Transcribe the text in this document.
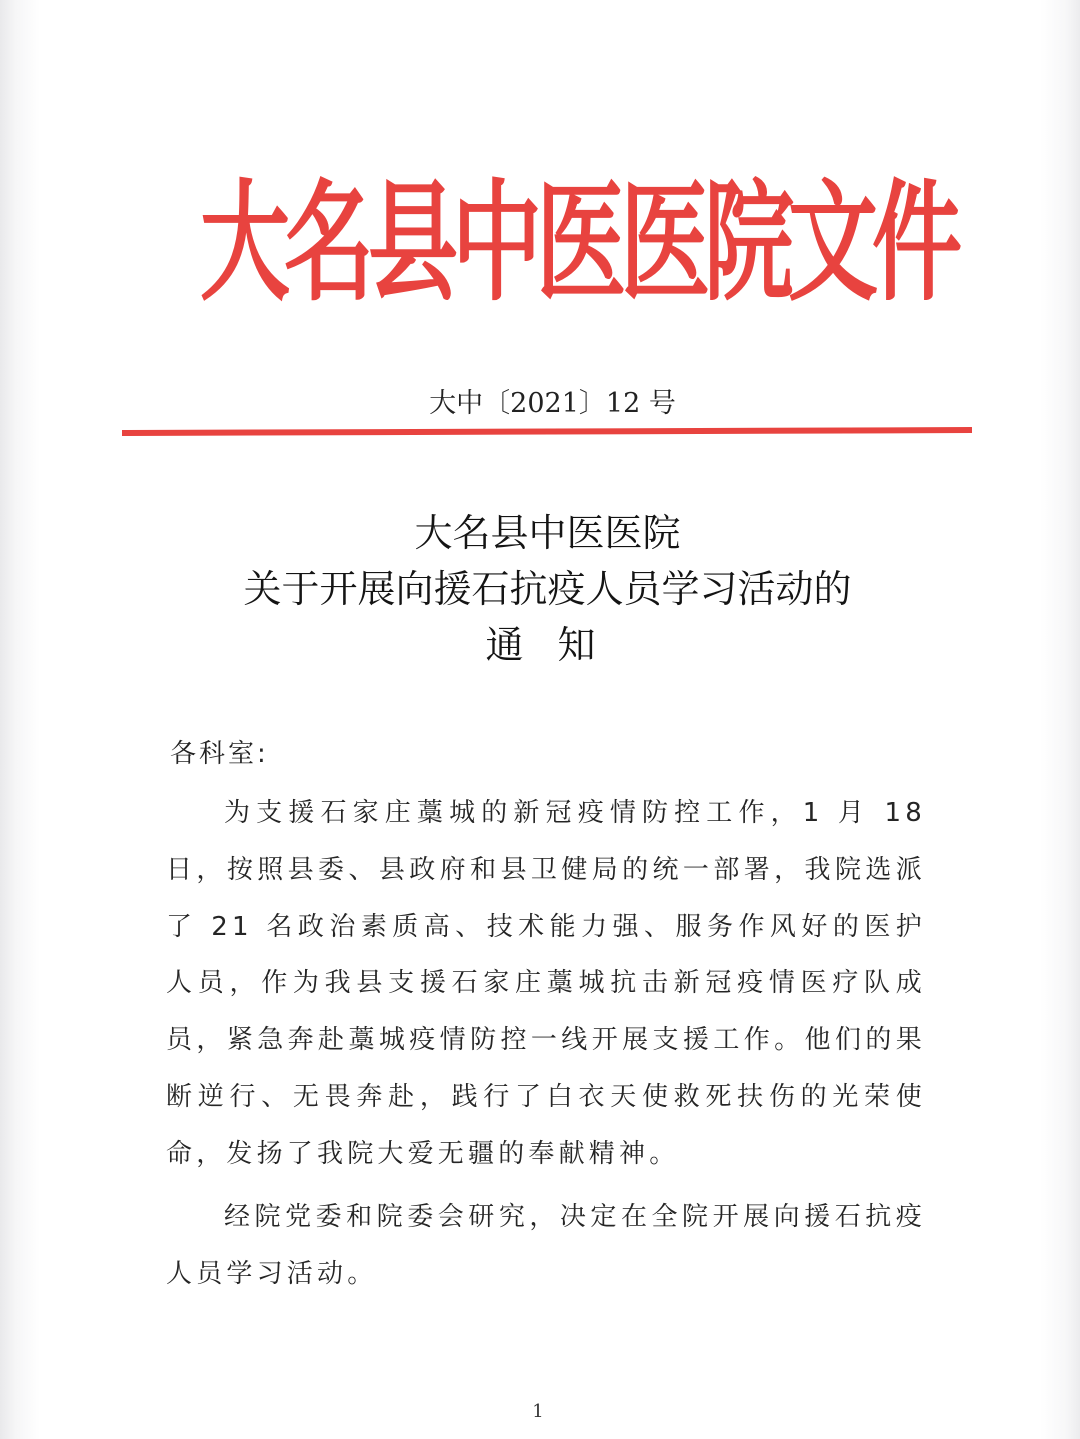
大名县中医医院文件
大中〔2021〕12 号
大名县中医医院
关于开展向援石抗疫人员学习活动的
通知
各科室:

为支援石家庄藁城的新冠疫情防控工作，1 月 18 日，按照县委、县政府和县卫健局的统一部署，我院选派了 21 名政治素质高、技术能力强、服务作风好的医护人员，作为我县支援石家庄藁城抗击新冠疫情医疗队成员，紧急奔赴藁城疫情防控一线开展支援工作。他们的果断逆行、无畏奔赴，践行了白衣天使救死扶伤的光荣使命，发扬了我院大爱无疆的奉献精神。

经院党委和院委会研究，决定在全院开展向援石抗疫人员学习活动。

1
